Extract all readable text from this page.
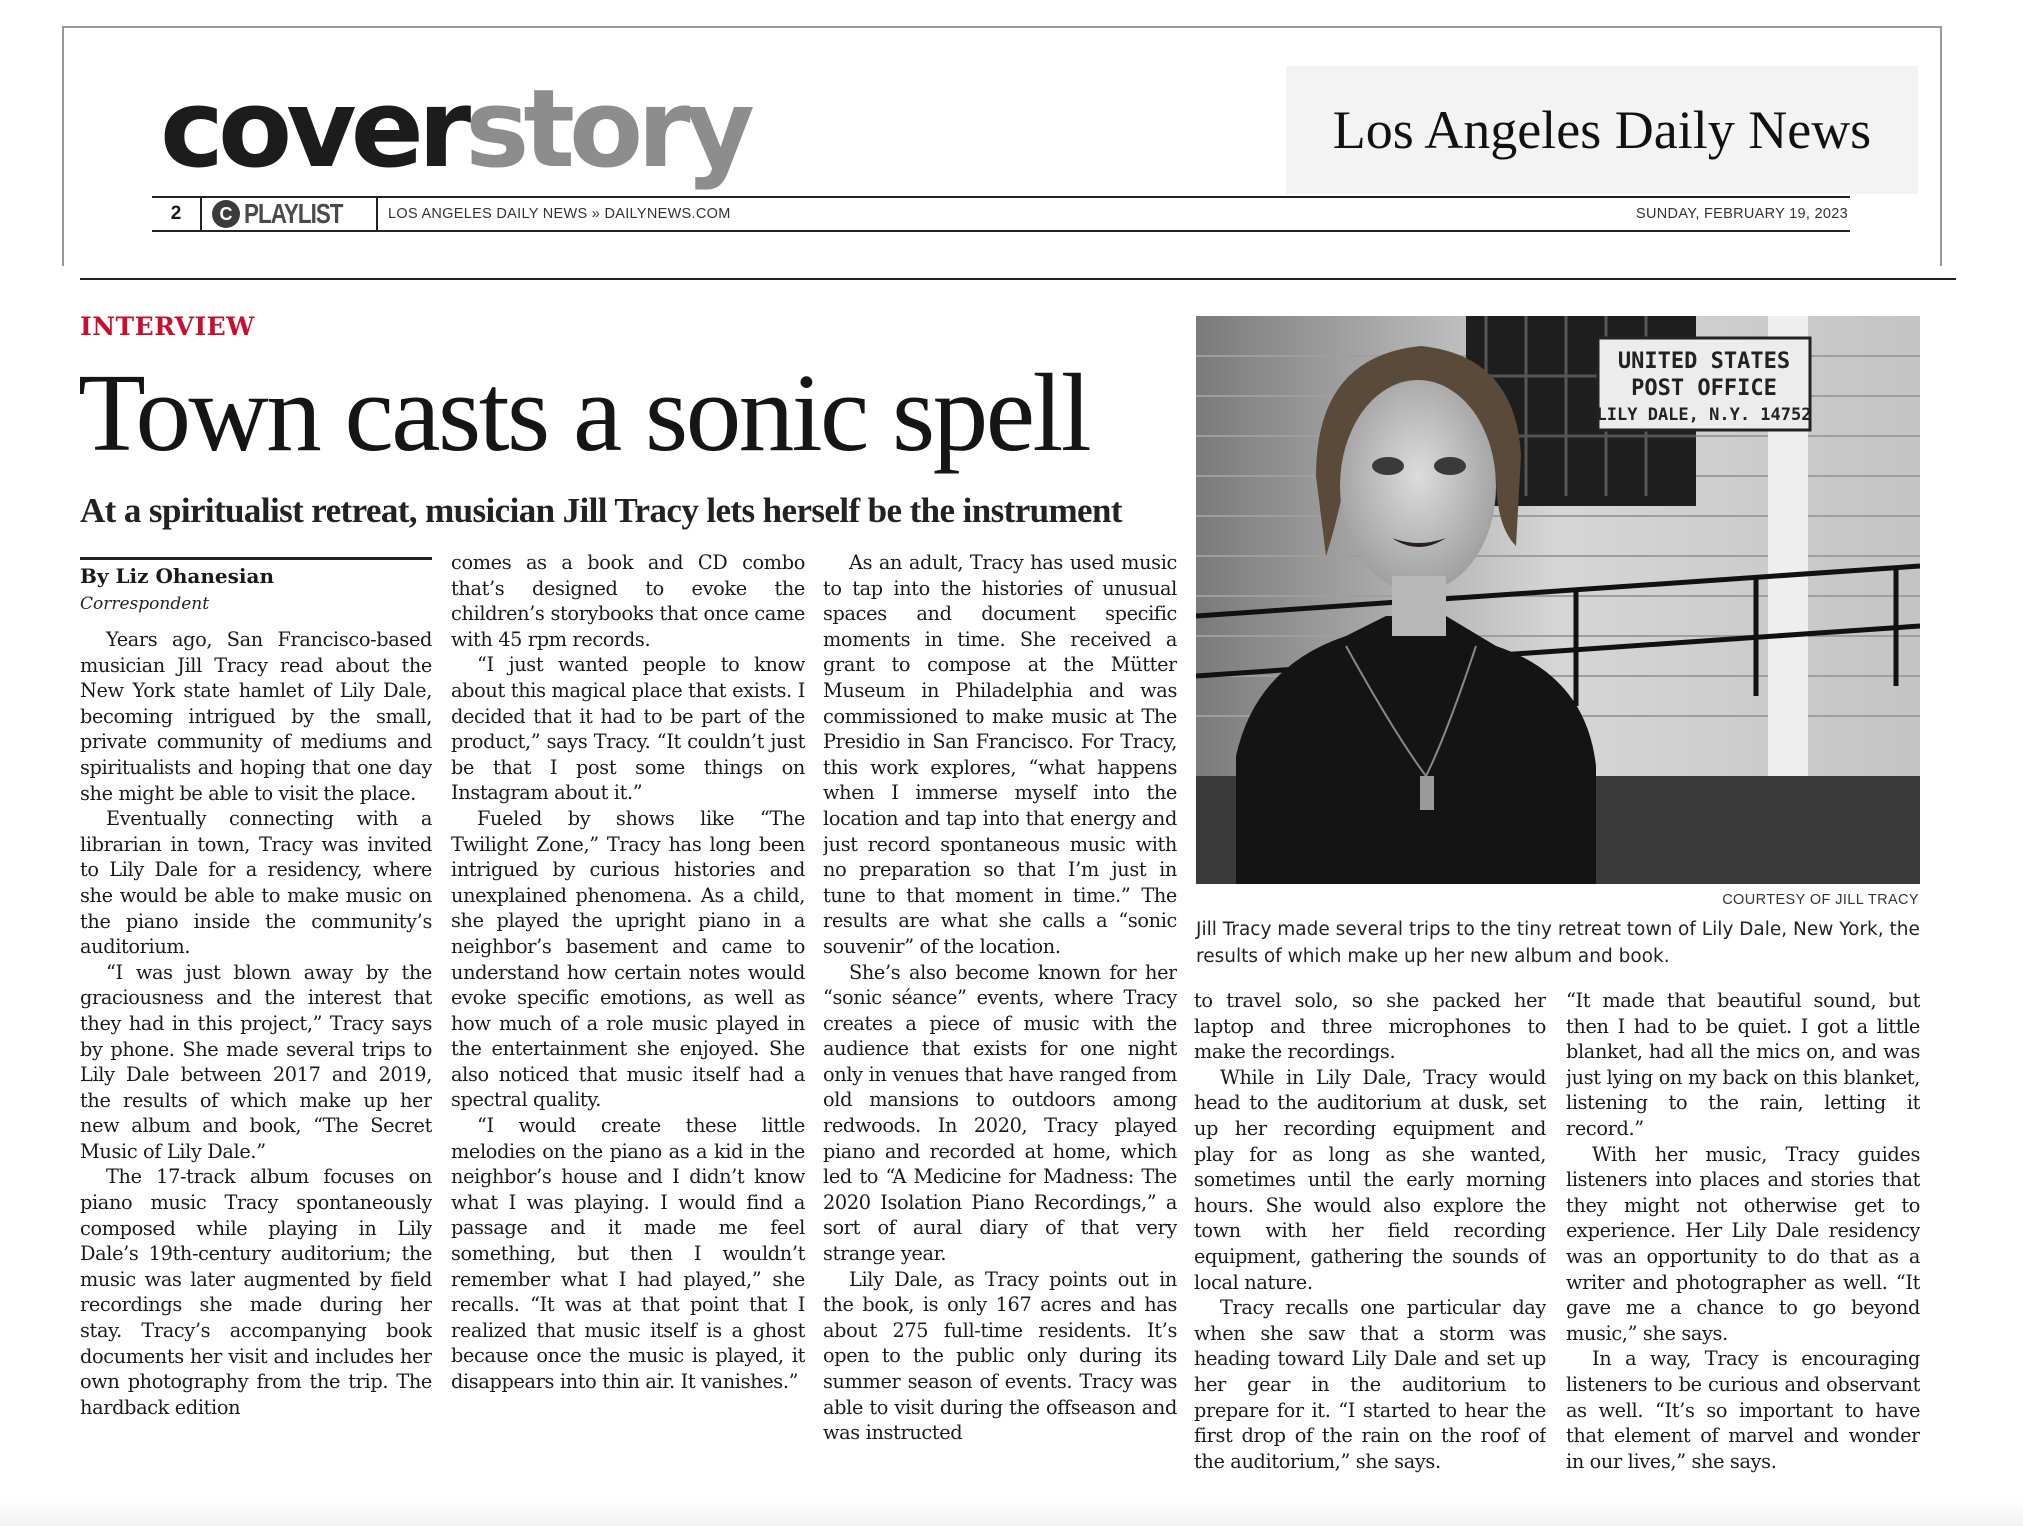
coverstory	Los Angeles Daily News
2	C PLAYLIST	LOS ANGELES DAILY NEWS » DAILYNEWS.COM	SUNDAY, FEBRUARY 19, 2023
INTERVIEW
Town casts a sonic spell
At a spiritualist retreat, musician Jill Tracy lets herself be the instrument
By Liz Ohanesian
Correspondent

Years ago, San Francisco-based musician Jill Tracy read about the New York state hamlet of Lily Dale, becoming intrigued by the small, private community of mediums and spiritualists and hoping that one day she might be able to visit the place.

Eventually connecting with a librarian in town, Tracy was invited to Lily Dale for a residency, where she would be able to make music on the piano inside the community’s auditorium.

“I was just blown away by the graciousness and the interest that they had in this project,” Tracy says by phone. She made several trips to Lily Dale between 2017 and 2019, the results of which make up her new album and book, “The Secret Music of Lily Dale.”

The 17-track album focuses on piano music Tracy spontaneously composed while playing in Lily Dale’s 19th-century auditorium; the music was later augmented by field recordings she made during her stay. Tracy’s accompanying book documents her visit and includes her own photography from the trip. The hardback edition

comes as a book and CD combo that’s designed to evoke the children’s storybooks that once came with 45 rpm records.

“I just wanted people to know about this magical place that exists. I decided that it had to be part of the product,” says Tracy. “It couldn’t just be that I post some things on Instagram about it.”

Fueled by shows like “The Twilight Zone,” Tracy has long been intrigued by curious histories and unexplained phenomena. As a child, she played the upright piano in a neighbor’s basement and came to understand how certain notes would evoke specific emotions, as well as how much of a role music played in the entertainment she enjoyed. She also noticed that music itself had a spectral quality.

“I would create these little melodies on the piano as a kid in the neighbor’s house and I didn’t know what I was playing. I would find a passage and it made me feel something, but then I wouldn’t remember what I had played,” she recalls. “It was at that point that I realized that music itself is a ghost because once the music is played, it disappears into thin air. It vanishes.”

As an adult, Tracy has used music to tap into the histories of unusual spaces and document specific moments in time. She received a grant to compose at the Mütter Museum in Philadelphia and was commissioned to make music at The Presidio in San Francisco. For Tracy, this work explores, “what happens when I immerse myself into the location and tap into that energy and just record spontaneous music with no preparation so that I’m just in tune to that moment in time.” The results are what she calls a “sonic souvenir” of the location.

She’s also become known for her “sonic séance” events, where Tracy creates a piece of music with the audience that exists for one night only in venues that have ranged from old mansions to outdoors among redwoods. In 2020, Tracy played piano and recorded at home, which led to “A Medicine for Madness: The 2020 Isolation Piano Recordings,” a sort of aural diary of that very strange year.

Lily Dale, as Tracy points out in the book, is only 167 acres and has about 275 full-time residents. It’s open to the public only during its summer season of events. Tracy was able to visit during the offseason and was instructed

to travel solo, so she packed her laptop and three microphones to make the recordings.

While in Lily Dale, Tracy would head to the auditorium at dusk, set up her recording equipment and play for as long as she wanted, sometimes until the early morning hours. She would also explore the town with her field recording equipment, gathering the sounds of local nature.

Tracy recalls one particular day when she saw that a storm was heading toward Lily Dale and set up her gear in the auditorium to prepare for it. “I started to hear the first drop of the rain on the roof of the auditorium,” she says.

“It made that beautiful sound, but then I had to be quiet. I got a little blanket, had all the mics on, and was just lying on my back on this blanket, listening to the rain, letting it record.”

With her music, Tracy guides listeners into places and stories that they might not otherwise get to experience. Her Lily Dale residency was an opportunity to do that as a writer and photographer as well. “It gave me a chance to go beyond music,” she says.

In a way, Tracy is encouraging listeners to be curious and observant as well. “It’s so important to have that element of marvel and wonder in our lives,” she says.

UNITED STATES
POST OFFICE
LILY DALE, N.Y. 14752
COURTESY OF JILL TRACY
Jill Tracy made several trips to the tiny retreat town of Lily Dale, New York, the results of which make up her new album and book.
